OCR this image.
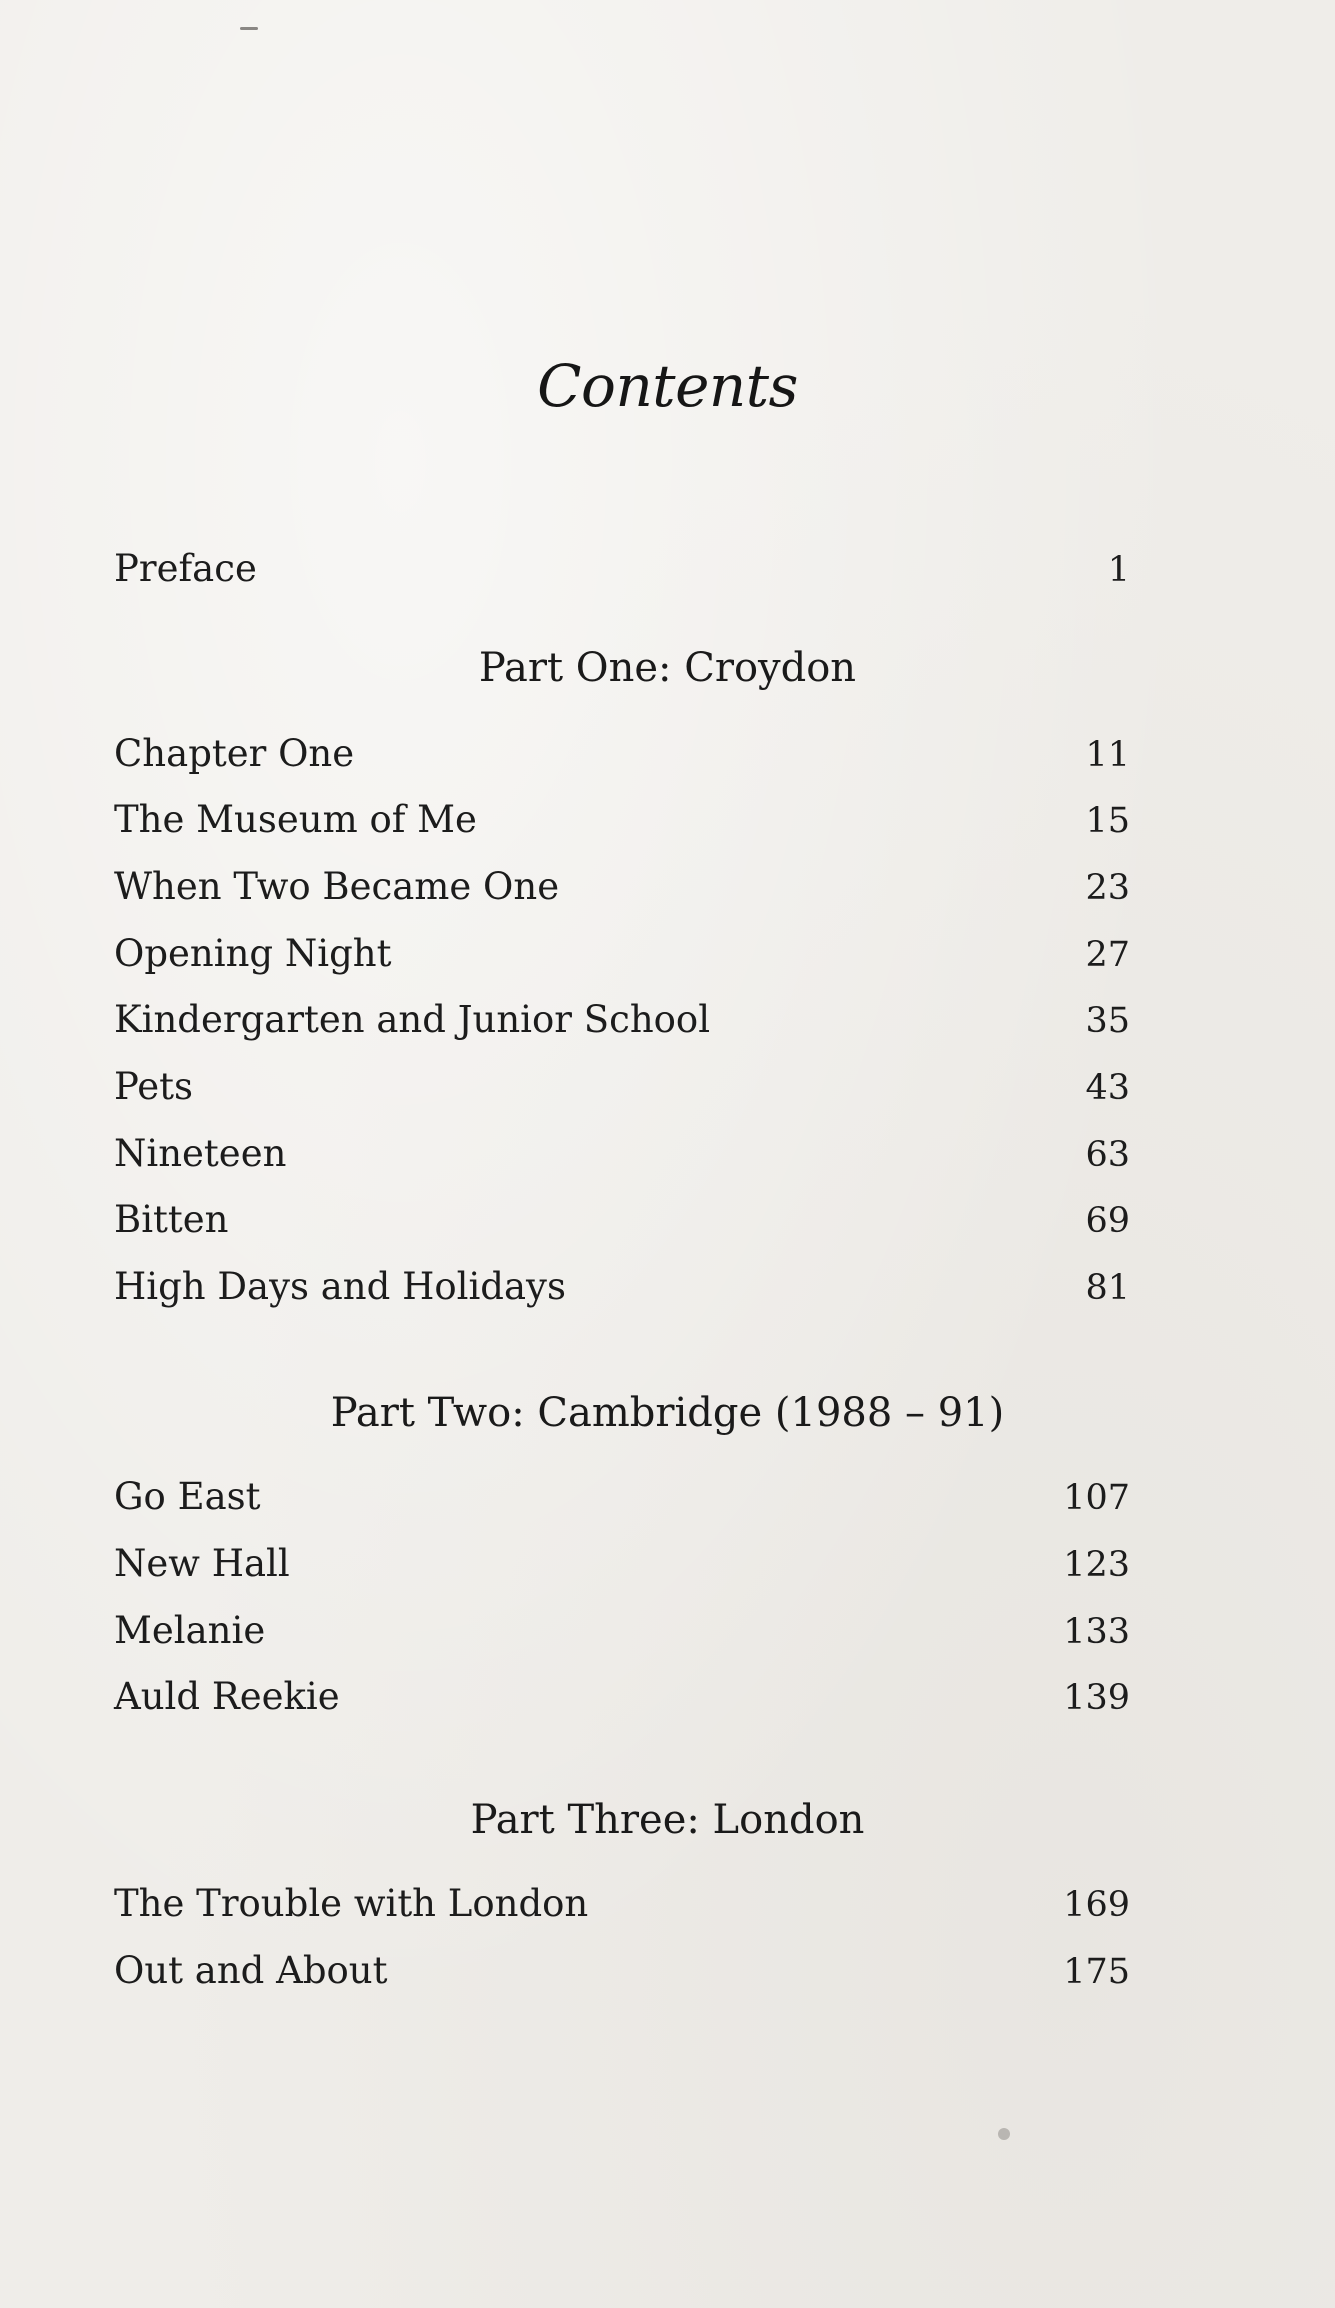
Contents
Preface	1
Part One: Croydon
Chapter One	11
The Museum of Me	15
When Two Became One	23
Opening Night	27
Kindergarten and Junior School	35
Pets	43
Nineteen	63
Bitten	69
High Days and Holidays	81
Part Two: Cambridge (1988 – 91)
Go East	107
New Hall	123
Melanie	133
Auld Reekie	139
Part Three: London
The Trouble with London	169
Out and About	175
